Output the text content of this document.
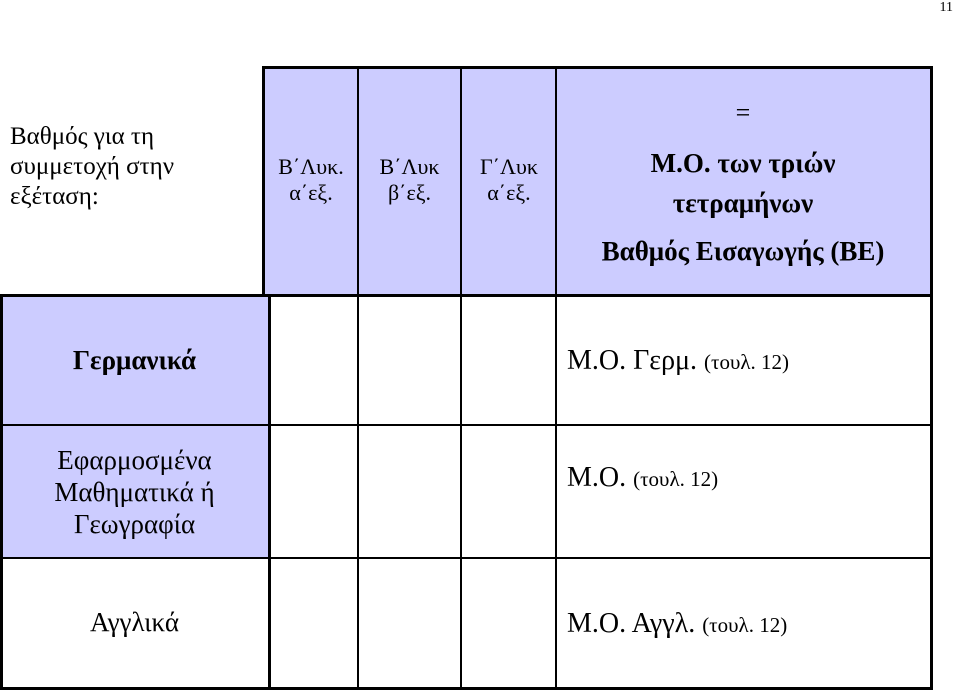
11
Βαθμός για τη
συμμετοχή στην
εξέταση:
Β΄Λυκ.
α΄εξ.
Β΄Λυκ
β΄εξ.
Γ΄Λυκ
α΄εξ.
=
Μ.Ο. των τριών
τετραμήνων
Βαθμός Εισαγωγής (ΒΕ)
Γερμανικά
Εφαρμοσμένα
Μαθηματικά ή
Γεωγραφία
Αγγλικά
Μ.Ο. Γερμ. (τουλ. 12)
Μ.Ο. (τουλ. 12)
Μ.Ο. Αγγλ. (τουλ. 12)
